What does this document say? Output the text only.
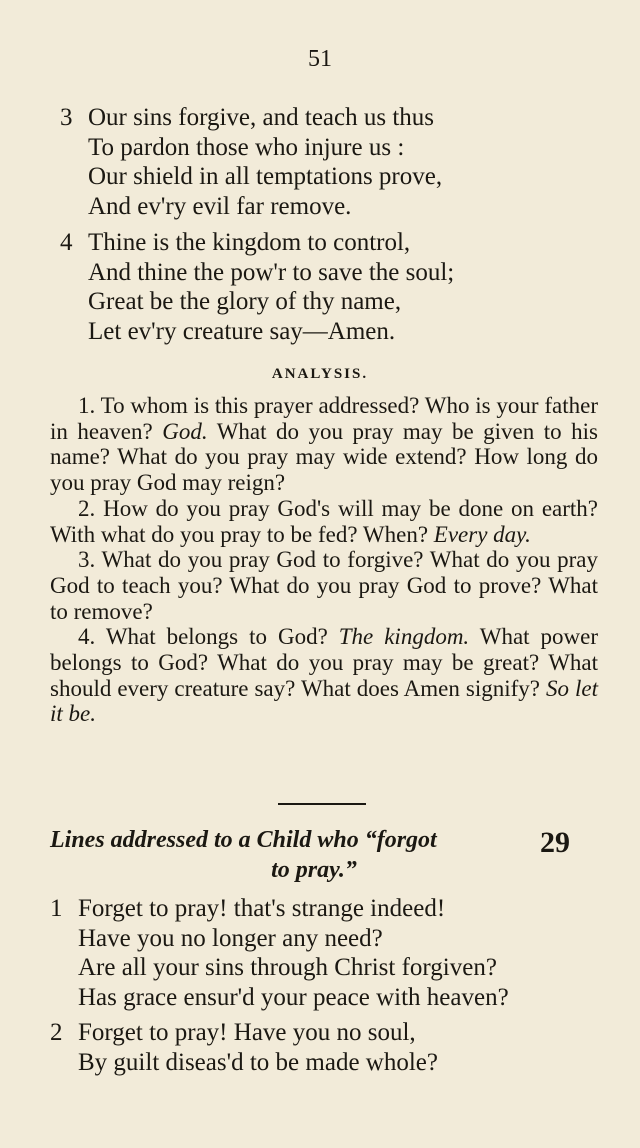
51
3 Our sins forgive, and teach us thus
To pardon those who injure us :
Our shield in all temptations prove,
And ev'ry evil far remove.
4 Thine is the kingdom to control,
And thine the pow'r to save the soul;
Great be the glory of thy name,
Let ev'ry creature say—Amen.
ANALYSIS.
1. To whom is this prayer addressed? Who is your father in heaven? God. What do you pray may be given to his name? What do you pray may wide extend? How long do you pray God may reign?
2. How do you pray God's will may be done on earth? With what do you pray to be fed? When? Every day.
3. What do you pray God to forgive? What do you pray God to teach you? What do you pray God to prove? What to remove?
4. What belongs to God? The kingdom. What power belongs to God? What do you pray may be great? What should every creature say? What does Amen signify? So let it be.
Lines addressed to a Child who “forgot
to pray.”
29
1 Forget to pray! that's strange indeed!
Have you no longer any need?
Are all your sins through Christ forgiven?
Has grace ensur'd your peace with heaven?
2 Forget to pray! Have you no soul,
By guilt diseas'd to be made whole?
